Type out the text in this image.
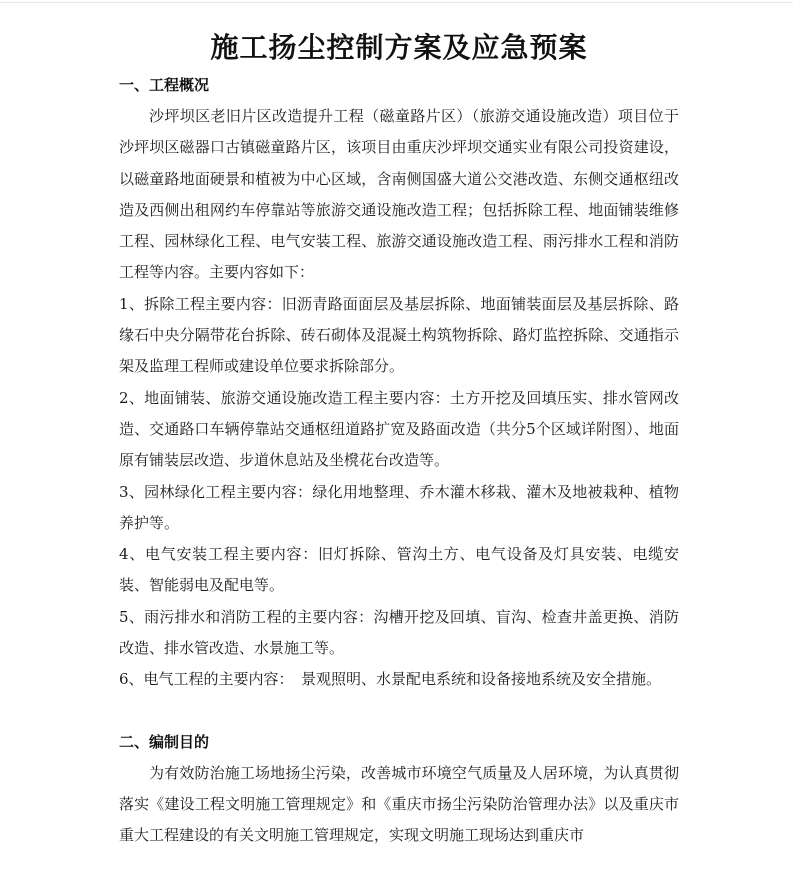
施工扬尘控制方案及应急预案
一、工程概况

沙坪坝区老旧片区改造提升工程（磁童路片区）（旅游交通设施改造）项目位于沙坪坝区磁器口古镇磁童路片区，该项目由重庆沙坪坝交通实业有限公司投资建设，以磁童路地面硬景和植被为中心区域，含南侧国盛大道公交港改造、东侧交通枢纽改造及西侧出租网约车停靠站等旅游交通设施改造工程；包括拆除工程、地面铺装维修工程、园林绿化工程、电气安装工程、旅游交通设施改造工程、雨污排水工程和消防工程等内容。主要内容如下：

1、拆除工程主要内容：旧沥青路面面层及基层拆除、地面铺装面层及基层拆除、路缘石中央分隔带花台拆除、砖石砌体及混凝土构筑物拆除、路灯监控拆除、交通指示架及监理工程师或建设单位要求拆除部分。

2、地面铺装、旅游交通设施改造工程主要内容：土方开挖及回填压实、排水管网改造、交通路口车辆停靠站交通枢纽道路扩宽及路面改造（共分5个区域详附图）、地面原有铺装层改造、步道休息站及坐櫈花台改造等。

3、园林绿化工程主要内容：绿化用地整理、乔木灌木移栽、灌木及地被栽种、植物养护等。

4、电气安装工程主要内容：旧灯拆除、管沟土方、电气设备及灯具安装、电缆安装、智能弱电及配电等。

5、雨污排水和消防工程的主要内容：沟槽开挖及回填、盲沟、检查井盖更换、消防改造、排水管改造、水景施工等。

6、电气工程的主要内容：　景观照明、水景配电系统和设备接地系统及安全措施。

二、编制目的

为有效防治施工场地扬尘污染，改善城市环境空气质量及人居环境，为认真贯彻落实《建设工程文明施工管理规定》和《重庆市扬尘污染防治管理办法》以及重庆市重大工程建设的有关文明施工管理规定，实现文明施工现场达到重庆市
